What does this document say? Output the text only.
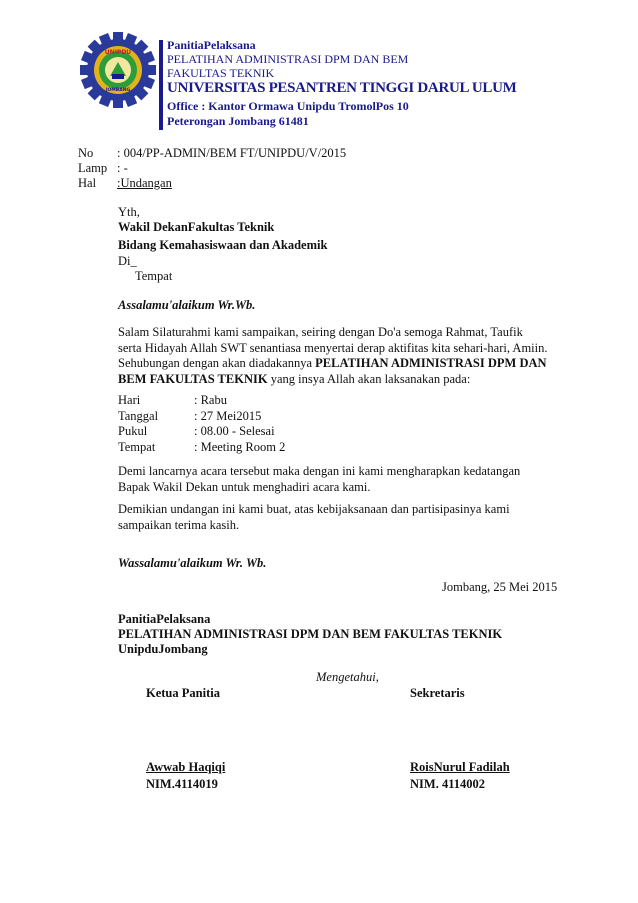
UNIPDU
JOMBANG
PanitiaPelaksana
PELATIHAN ADMINISTRASI DPM DAN BEM
FAKULTAS TEKNIK
UNIVERSITAS PESANTREN TINGGI DARUL ULUM
Office : Kantor Ormawa Unipdu TromolPos 10
Peterongan Jombang 61481
No : 004/PP-ADMIN/BEM FT/UNIPDU/V/2015
Lamp : -
Hal :Undangan
Yth,
Wakil DekanFakultas Teknik
Bidang Kemahasiswaan dan Akademik
Di_
Tempat
Assalamu'alaikum Wr.Wb.
Salam Silaturahmi kami sampaikan, seiring dengan Do'a semoga Rahmat, Taufik
serta Hidayah Allah SWT senantiasa menyertai derap aktifitas kita sehari-hari, Amiin.
Sehubungan dengan akan diadakannya PELATIHAN ADMINISTRASI DPM DAN
BEM FAKULTAS TEKNIK yang insya Allah akan laksanakan pada:
Hari	: Rabu
Tanggal	: 27 Mei2015
Pukul	: 08.00 - Selesai
Tempat	: Meeting Room 2
Demi lancarnya acara tersebut maka dengan ini kami mengharapkan kedatangan
Bapak Wakil Dekan untuk menghadiri acara kami.
Demikian undangan ini kami buat, atas kebijaksanaan dan partisipasinya kami
sampaikan terima kasih.
Wassalamu'alaikum Wr. Wb.
Jombang, 25 Mei 2015
PanitiaPelaksana
PELATIHAN ADMINISTRASI DPM DAN BEM FAKULTAS TEKNIK
UnipduJombang
Mengetahui,
Ketua Panitia	Sekretaris
Awwab Haqiqi	RoisNurul Fadilah
NIM.4114019	NIM. 4114002
